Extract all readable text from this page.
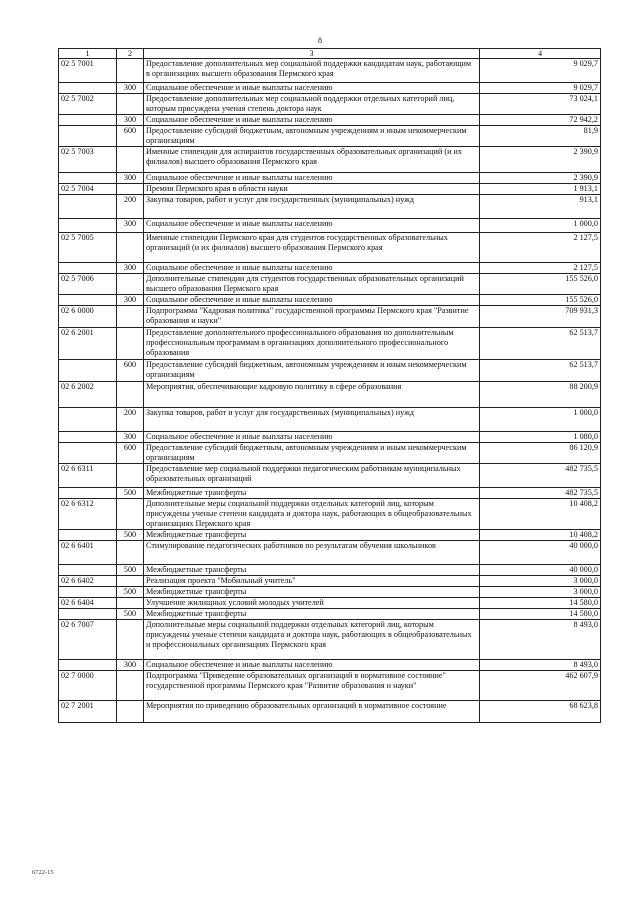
8
1	2	3	4
02 5 7001		Предоставление дополнительных мер социальной поддержки кандидатам наук, работающим в организациях высшего образования Пермского края	9 029,7
	300	Социальное обеспечение и иные выплаты населению	9 029,7
02 5 7002		Предоставление дополнительных мер социальной поддержки отдельных категорий лиц, которым присуждена ученая степень доктора наук	73 024,1
	300	Социальное обеспечение и иные выплаты населению	72 942,2
	600	Предоставление субсидий бюджетным, автономным учреждениям и иным некоммерческим организациям	81,9
02 5 7003		Именные стипендии для аспирантов государственных образовательных организаций (и их филиалов) высшего образования Пермского края	2 390,9
	300	Социальное обеспечение и иные выплаты населению	2 390,9
02 5 7004		Премии Пермского края в области науки	1 913,1
	200	Закупка товаров, работ и услуг для государственных (муниципальных) нужд	913,1
	300	Социальное обеспечение и иные выплаты населению	1 000,0
02 5 7005		Именные стипендии Пермского края для студентов государственных образовательных организаций (и их филиалов) высшего образования Пермского края	2 127,5
	300	Социальное обеспечение и иные выплаты населению	2 127,5
02 5 7006		Дополнительные стипендии для студентов государственных образовательных организаций высшего образования Пермского края	155 526,0
	300	Социальное обеспечение и иные выплаты населению	155 526,0
02 6 0000		Подпрограмма "Кадровая политика" государственной программы Пермского края "Развитие образования и науки"	709 931,3
02 6 2001		Предоставление дополнительного профессионального образования по дополнительным профессиональным программам в организациях дополнительного профессионального образования	62 513,7
	600	Предоставление субсидий бюджетным, автономным учреждениям и иным некоммерческим организациям	62 513,7
02 6 2002		Мероприятия, обеспечивающие кадровую политику в сфере образования	88 200,9
	200	Закупка товаров, работ и услуг для государственных (муниципальных) нужд	1 000,0
	300	Социальное обеспечение и иные выплаты населению	1 080,0
	600	Предоставление субсидий бюджетным, автономным учреждениям и иным некоммерческим организациям	86 120,9
02 6 6311		Предоставление мер социальной поддержки педагогическим работникам муниципальных образовательных организаций	482 735,5
	500	Межбюджетные трансферты	482 735,5
02 6 6312		Дополнительные меры социальной поддержки отдельных категорий лиц, которым присуждены ученые степени кандидата и доктора наук, работающих в общеобразовательных организациях Пермского края	10 408,2
	500	Межбюджетные трансферты	10 408,2
02 6 6401		Стимулирование педагогических работников по результатам обучения школьников	40 000,0
	500	Межбюджетные трансферты	40 000,0
02 6 6402		Реализация проекта "Мобильный учитель"	3 000,0
	500	Межбюджетные трансферты	3 000,0
02 6 6404		Улучшение жилищных условий молодых учителей	14 580,0
	500	Межбюджетные трансферты	14 580,0
02 6 7007		Дополнительные меры социальной поддержки отдельных категорий лиц, которым присуждены ученые степени кандидата и доктора наук, работающих в общеобразовательных и профессиональных организациях Пермского края	8 493,0
	300	Социальное обеспечение и иные выплаты населению	8 493,0
02 7 0000		Подпрограмма "Приведение образовательных организаций в нормативное состояние" государственной программы Пермского края "Развитие образования и науки"	462 607,9
02 7 2001		Мероприятия по приведению образовательных организаций в нормативное состояние	68 623,8
6722-15
